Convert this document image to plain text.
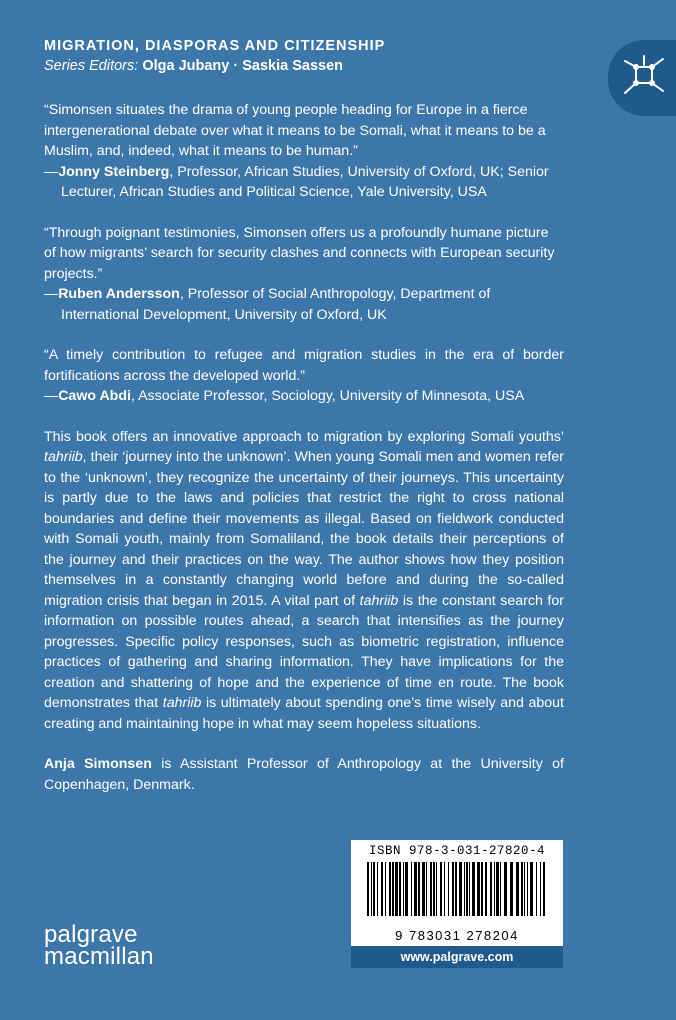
MIGRATION, DIASPORAS AND CITIZENSHIP
Series Editors: Olga Jubany · Saskia Sassen

“Simonsen situates the drama of young people heading for Europe in a fierce intergenerational debate over what it means to be Somali, what it means to be a Muslim, and, indeed, what it means to be human.”

—Jonny Steinberg, Professor, African Studies, University of Oxford, UK; Senior Lecturer, African Studies and Political Science, Yale University, USA

“Through poignant testimonies, Simonsen offers us a profoundly humane picture of how migrants’ search for security clashes and connects with European security projects.”

—Ruben Andersson, Professor of Social Anthropology, Department of International Development, University of Oxford, UK

“A timely contribution to refugee and migration studies in the era of border fortifications across the developed world.”

—Cawo Abdi, Associate Professor, Sociology, University of Minnesota, USA

This book offers an innovative approach to migration by exploring Somali youths’ tahriib, their ‘journey into the unknown’. When young Somali men and women refer to the ‘unknown’, they recognize the uncertainty of their journeys. This uncertainty is partly due to the laws and policies that restrict the right to cross national boundaries and define their movements as illegal. Based on fieldwork conducted with Somali youth, mainly from Somaliland, the book details their perceptions of the journey and their practices on the way. The author shows how they position themselves in a constantly changing world before and during the so-called migration crisis that began in 2015. A vital part of tahriib is the constant search for information on possible routes ahead, a search that intensifies as the journey progresses. Specific policy responses, such as biometric registration, influence practices of gathering and sharing information. They have implications for the creation and shattering of hope and the experience of time en route. The book demonstrates that tahriib is ultimately about spending one’s time wisely and about creating and maintaining hope in what may seem hopeless situations.

Anja Simonsen is Assistant Professor of Anthropology at the University of Copenhagen, Denmark.

palgrave
macmillan
ISBN 978-3-031-27820-4
9 783031 278204
www.palgrave.com
